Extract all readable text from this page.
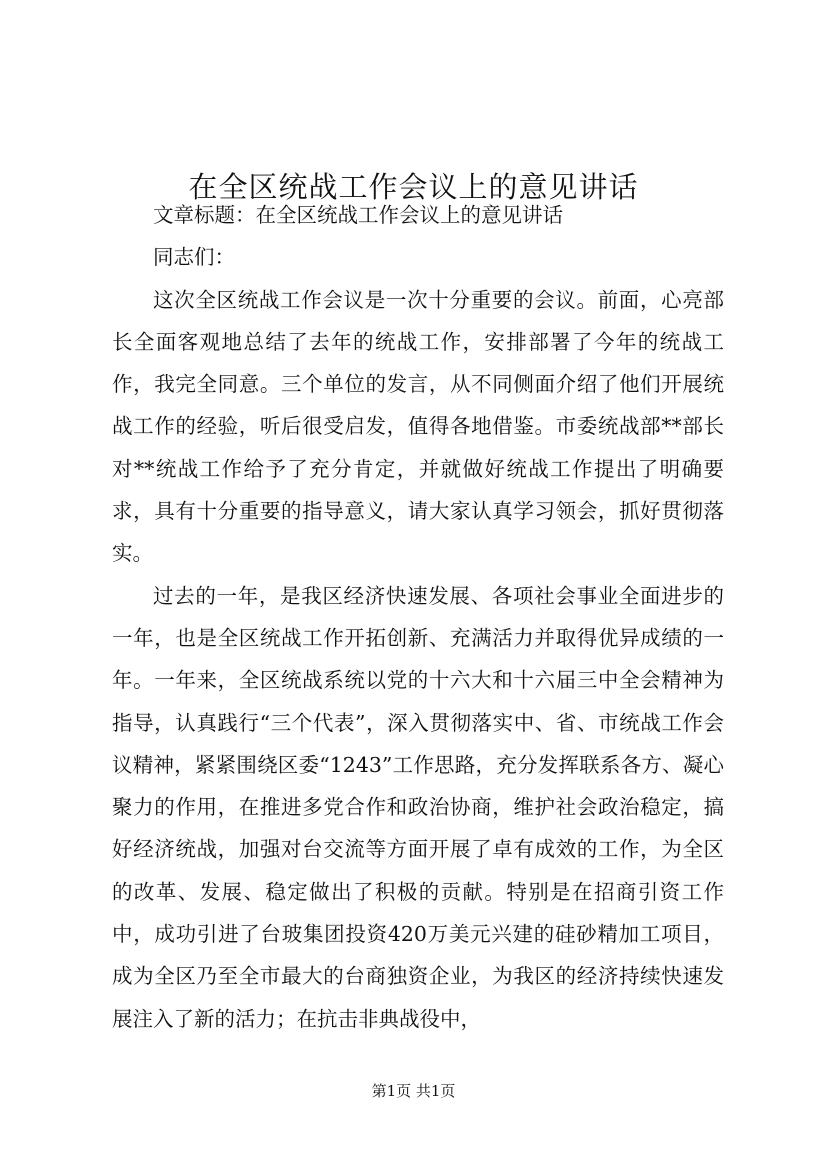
在全区统战工作会议上的意见讲话

文章标题：在全区统战工作会议上的意见讲话

同志们：

这次全区统战工作会议是一次十分重要的会议。前面，心亮部长全面客观地总结了去年的统战工作，安排部署了今年的统战工作，我完全同意。三个单位的发言，从不同侧面介绍了他们开展统战工作的经验，听后很受启发，值得各地借鉴。市委统战部**部长对**统战工作给予了充分肯定，并就做好统战工作提出了明确要求，具有十分重要的指导意义，请大家认真学习领会，抓好贯彻落实。

过去的一年，是我区经济快速发展、各项社会事业全面进步的一年，也是全区统战工作开拓创新、充满活力并取得优异成绩的一年。一年来，全区统战系统以党的十六大和十六届三中全会精神为指导，认真践行“三个代表”，深入贯彻落实中、省、市统战工作会议精神，紧紧围绕区委“1243”工作思路，充分发挥联系各方、凝心聚力的作用，在推进多党合作和政治协商，维护社会政治稳定，搞好经济统战，加强对台交流等方面开展了卓有成效的工作，为全区的改革、发展、稳定做出了积极的贡献。特别是在招商引资工作中，成功引进了台玻集团投资420万美元兴建的硅砂精加工项目，成为全区乃至全市最大的台商独资企业，为我区的经济持续快速发展注入了新的活力；在抗击非典战役中，

第1页 共1页
